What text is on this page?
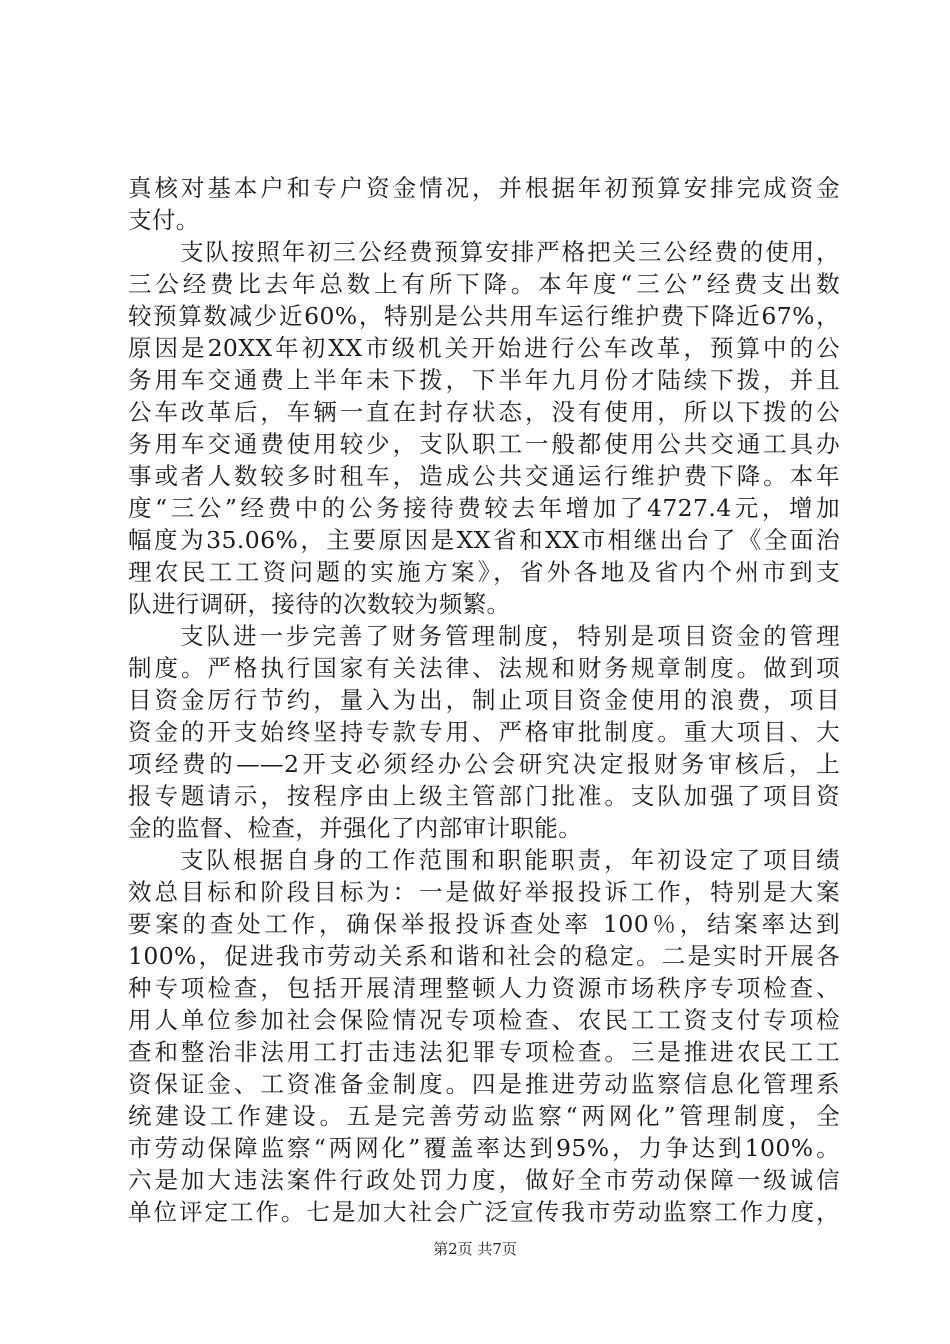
真核对基本户和专户资金情况，并根据年初预算安排完成资金
支付。
支队按照年初三公经费预算安排严格把关三公经费的使用，
三公经费比去年总数上有所下降。本年度“三公”经费支出数
较预算数减少近60%，特别是公共用车运行维护费下降近67%，
原因是20XX年初XX市级机关开始进行公车改革，预算中的公
务用车交通费上半年未下拨，下半年九月份才陆续下拨，并且
公车改革后，车辆一直在封存状态，没有使用，所以下拨的公
务用车交通费使用较少，支队职工一般都使用公共交通工具办
事或者人数较多时租车，造成公共交通运行维护费下降。本年
度“三公”经费中的公务接待费较去年增加了4727.4元，增加
幅度为35.06%，主要原因是XX省和XX市相继出台了《全面治
理农民工工资问题的实施方案》，省外各地及省内个州市到支
队进行调研，接待的次数较为频繁。
支队进一步完善了财务管理制度，特别是项目资金的管理
制度。严格执行国家有关法律、法规和财务规章制度。做到项
目资金厉行节约，量入为出，制止项目资金使用的浪费，项目
资金的开支始终坚持专款专用、严格审批制度。重大项目、大
项经费的——2开支必须经办公会研究决定报财务审核后，上
报专题请示，按程序由上级主管部门批准。支队加强了项目资
金的监督、检查，并强化了内部审计职能。
支队根据自身的工作范围和职能职责，年初设定了项目绩
效总目标和阶段目标为：一是做好举报投诉工作，特别是大案
要案的查处工作，确保举报投诉查处率 100％，结案率达到
100%，促进我市劳动关系和谐和社会的稳定。二是实时开展各
种专项检查，包括开展清理整顿人力资源市场秩序专项检查、
用人单位参加社会保险情况专项检查、农民工工资支付专项检
查和整治非法用工打击违法犯罪专项检查。三是推进农民工工
资保证金、工资准备金制度。四是推进劳动监察信息化管理系
统建设工作建设。五是完善劳动监察“两网化”管理制度，全
市劳动保障监察“两网化”覆盖率达到95%，力争达到100%。
六是加大违法案件行政处罚力度，做好全市劳动保障一级诚信
单位评定工作。七是加大社会广泛宣传我市劳动监察工作力度，
第2页 共7页
